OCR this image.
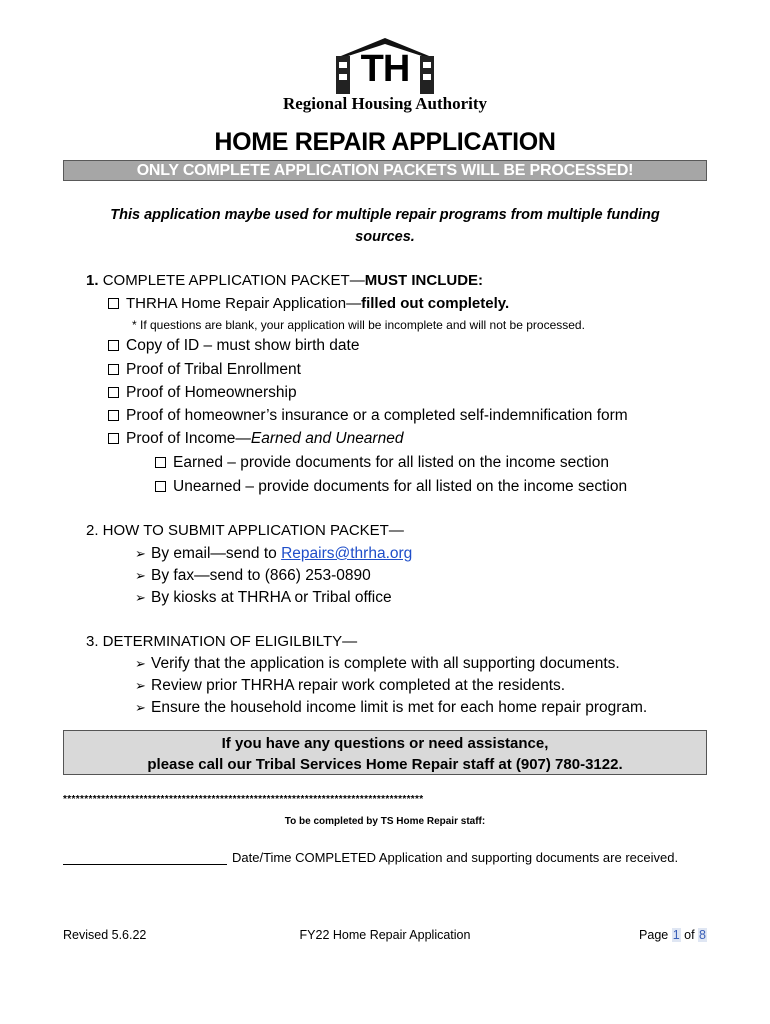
TH
Regional Housing Authority
HOME REPAIR APPLICATION
ONLY COMPLETE APPLICATION PACKETS WILL BE PROCESSED!
This application maybe used for multiple repair programs from multiple funding sources.
1. COMPLETE APPLICATION PACKET—MUST INCLUDE:
THRHA Home Repair Application—filled out completely.
* If questions are blank, your application will be incomplete and will not be processed.
Copy of ID – must show birth date
Proof of Tribal Enrollment
Proof of Homeownership
Proof of homeowner’s insurance or a completed self-indemnification form
Proof of Income—Earned and Unearned
Earned – provide documents for all listed on the income section
Unearned – provide documents for all listed on the income section
2. HOW TO SUBMIT APPLICATION PACKET—
➢ By email—send to Repairs@thrha.org
➢ By fax—send to (866) 253-0890
➢ By kiosks at THRHA or Tribal office
3. DETERMINATION OF ELIGILBILTY—
➢ Verify that the application is complete with all supporting documents.
➢ Review prior THRHA repair work completed at the residents.
➢ Ensure the household income limit is met for each home repair program.
If you have any questions or need assistance,
please call our Tribal Services Home Repair staff at (907) 780-3122.
*************************************************************************************
To be completed by TS Home Repair staff:
Date/Time COMPLETED Application and supporting documents are received.
Revised 5.6.22	FY22 Home Repair Application	Page 1 of 8
